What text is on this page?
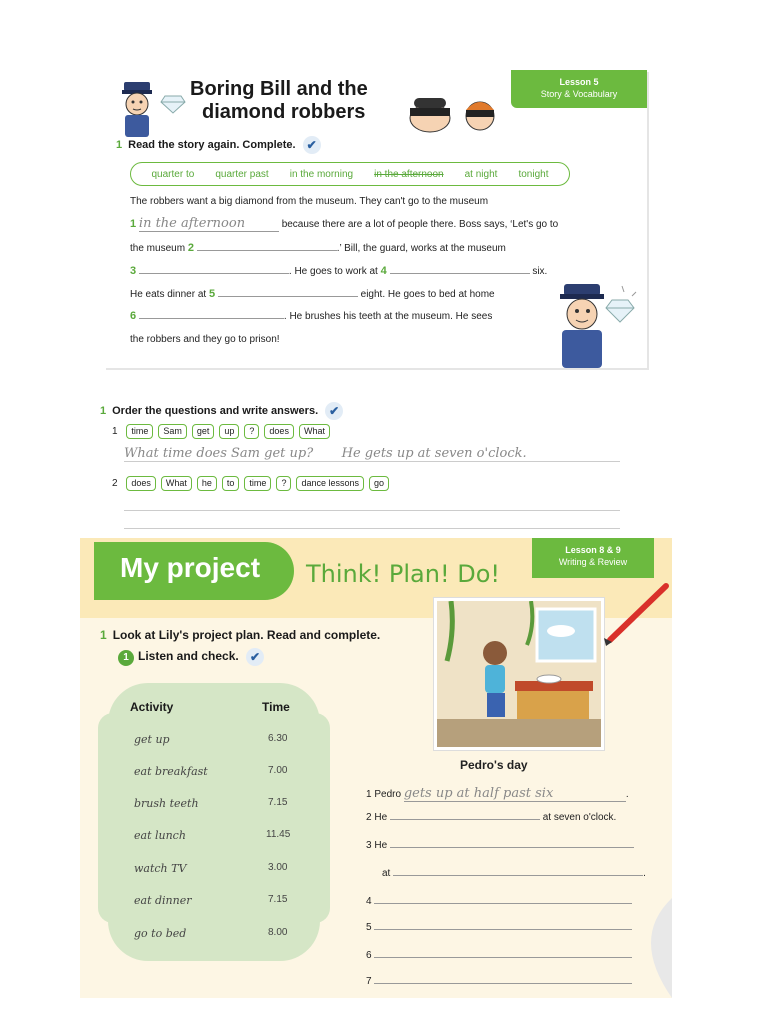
Boring Bill and the
diamond robbers
Lesson 5
Story & Vocabulary
1 Read the story again. Complete. ✔
quarter to quarter past in the morning in the afternoon at night tonight
The robbers want a big diamond from the museum. They can't go to the museum
1 in the afternoon	because there are a lot of people there. Boss says, ‘Let's go to
the museum 2	.’ Bill, the guard, works at the museum
3	. He goes to work at 4	six.
He eats dinner at 5	eight. He goes to bed at home
6	. He brushes his teeth at the museum. He sees
the robbers and they go to prison!
1 Order the questions and write answers. ✔
1 time Sam get up ? does What
What time does Sam get up? He gets up at seven o'clock.
2 does What he to time ? dance lessons go
My project Think! Plan! Do!
Lesson 8 & 9
Writing & Review
1 Look at Lily's project plan. Read and complete.
1 Listen and check. ✔
Activity	Time
get up	6.30
eat breakfast	7.00
brush teeth	7.15
eat lunch	11.45
watch TV	3.00
eat dinner	7.15
go to bed	8.00
Pedro's day
1 Pedro gets up at half past six	.
2 He	at seven o'clock.
3 He
at	.
4
5
6
7
